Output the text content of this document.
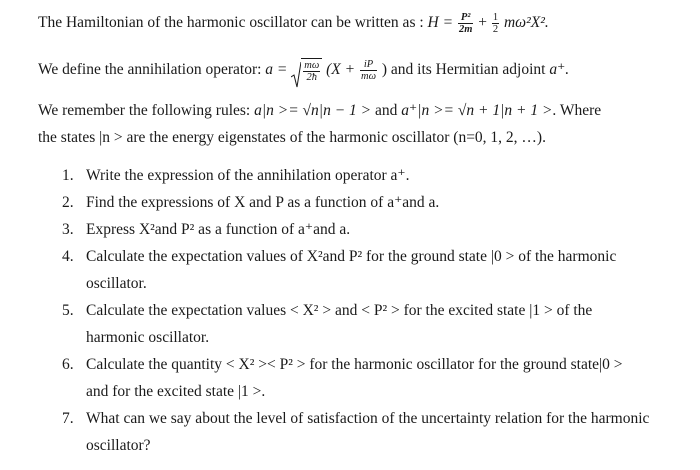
The Hamiltonian of the harmonic oscillator can be written as : $H = \frac{\text{P²}}{2m} + \frac{1}{2} m\omega^2X^2$.
We define the annihilation operator: $a = \frac{m\omega}{2ħ} (X + \frac{iP}{m\omega}$ ) and its Hermitian adjoint a⁺.
We remember the following rules: a|n >= √n|n − 1 > and a⁺|n >= √n + 1|n + 1 >. Where
the states |n > are the energy eigenstates of the harmonic oscillator (n=0, 1, 2, …).
1. Write the expression of the annihilation operator a⁺.
2. Find the expressions of X and P as a function of a⁺and a.
3. Express X²and P² as a function of a⁺and a.
4. Calculate the expectation values of X²and P² for the ground state |0 > of the harmonic
oscillator.
5. Calculate the expectation values < X² > and < P² > for the excited state |1 > of the
harmonic oscillator.
6. Calculate the quantity < X² >< P² > for the harmonic oscillator for the ground state|0 >
and for the excited state |1 >.
7. What can we say about the level of satisfaction of the uncertainty relation for the harmonic
oscillator?
